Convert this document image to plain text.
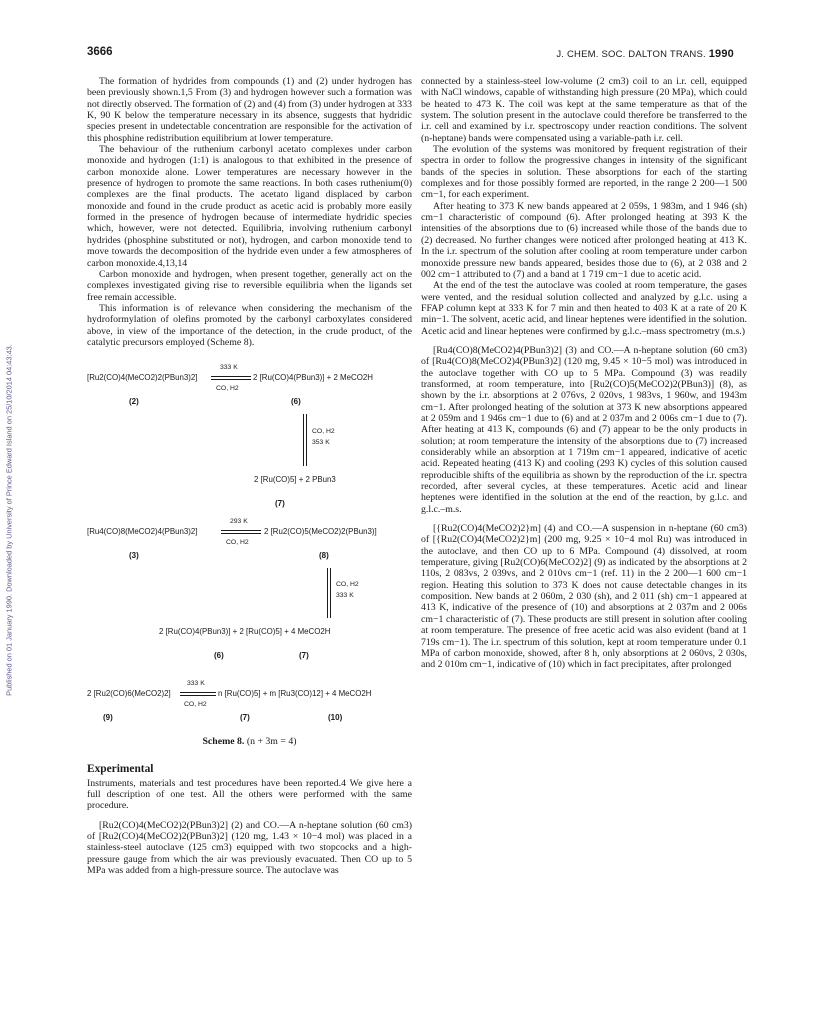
Published on 01 January 1990. Downloaded by University of Prince Edward Island on 25/10/2014 04:43:43.
3666	J. CHEM. SOC. DALTON TRANS. 1990

The formation of hydrides from compounds (1) and (2) under hydrogen has been previously shown.1,5 From (3) and hydrogen however such a formation was not directly observed. The formation of (2) and (4) from (3) under hydrogen at 333 K, 90 K below the temperature necessary in its absence, suggests that hydridic species present in undetectable concentration are responsible for the activation of this phosphine redistribution equilibrium at lower temperature.

The behaviour of the ruthenium carbonyl acetato complexes under carbon monoxide and hydrogen (1:1) is analogous to that exhibited in the presence of carbon monoxide alone. Lower temperatures are necessary however in the presence of hydrogen to promote the same reactions. In both cases ruthenium(0) complexes are the final products. The acetato ligand displaced by carbon monoxide and found in the crude product as acetic acid is probably more easily formed in the presence of hydrogen because of intermediate hydridic species which, however, were not detected. Equilibria, involving ruthenium carbonyl hydrides (phosphine substituted or not), hydrogen, and carbon monoxide tend to move towards the decomposition of the hydride even under a few atmospheres of carbon monoxide.4,13,14

Carbon monoxide and hydrogen, when present together, generally act on the complexes investigated giving rise to reversible equilibria when the ligands set free remain accessible.

This information is of relevance when considering the mechanism of the hydroformylation of olefins promoted by the carbonyl carboxylates considered above, in view of the importance of the detection, in the crude product, of the catalytic precursors employed (Scheme 8).

[Ru2(CO)4(MeCO2)2(PBun3)2]
333 K
CO, H2
2 [Ru(CO)4(PBun3)] + 2 MeCO2H
(2)	(6)
CO, H2
353 K
2 [Ru(CO)5] + 2 PBun3
(7)
[Ru4(CO)8(MeCO2)4(PBun3)2]
293 K
CO, H2
2 [Ru2(CO)5(MeCO2)2(PBun3)]
(3)	(8)
CO, H2
333 K
2 [Ru(CO)4(PBun3)] + 2 [Ru(CO)5] + 4 MeCO2H
(6)	(7)
2 [Ru2(CO)6(MeCO2)2]
333 K
CO, H2
n [Ru(CO)5] + m [Ru3(CO)12] + 4 MeCO2H
(9)	(7)	(10)
Scheme 8. (n + 3m = 4)
Experimental

Instruments, materials and test procedures have been reported.4 We give here a full description of one test. All the others were performed with the same procedure.

[Ru2(CO)4(MeCO2)2(PBun3)2] (2) and CO.—A n-heptane solution (60 cm3) of [Ru2(CO)4(MeCO2)2(PBun3)2] (120 mg, 1.43 × 10−4 mol) was placed in a stainless-steel autoclave (125 cm3) equipped with two stopcocks and a high-pressure gauge from which the air was previously evacuated. Then CO up to 5 MPa was added from a high-pressure source. The autoclave was

connected by a stainless-steel low-volume (2 cm3) coil to an i.r. cell, equipped with NaCl windows, capable of withstanding high pressure (20 MPa), which could be heated to 473 K. The coil was kept at the same temperature as that of the system. The solution present in the autoclave could therefore be transferred to the i.r. cell and examined by i.r. spectroscopy under reaction conditions. The solvent (n-heptane) bands were compensated using a variable-path i.r. cell.

The evolution of the systems was monitored by frequent registration of their spectra in order to follow the progressive changes in intensity of the significant bands of the species in solution. These absorptions for each of the starting complexes and for those possibly formed are reported, in the range 2 200—1 500 cm−1, for each experiment.

After heating to 373 K new bands appeared at 2 059s, 1 983m, and 1 946 (sh) cm−1 characteristic of compound (6). After prolonged heating at 393 K the intensities of the absorptions due to (6) increased while those of the bands due to (2) decreased. No further changes were noticed after prolonged heating at 413 K. In the i.r. spectrum of the solution after cooling at room temperature under carbon monoxide pressure new bands appeared, besides those due to (6), at 2 038 and 2 002 cm−1 attributed to (7) and a band at 1 719 cm−1 due to acetic acid.

At the end of the test the autoclave was cooled at room temperature, the gases were vented, and the residual solution collected and analyzed by g.l.c. using a FFAP column kept at 333 K for 7 min and then heated to 403 K at a rate of 20 K min−1. The solvent, acetic acid, and linear heptenes were identified in the solution. Acetic acid and linear heptenes were confirmed by g.l.c.–mass spectrometry (m.s.)

[Ru4(CO)8(MeCO2)4(PBun3)2] (3) and CO.—A n-heptane solution (60 cm3) of [Ru4(CO)8(MeCO2)4(PBun3)2] (120 mg, 9.45 × 10−5 mol) was introduced in the autoclave together with CO up to 5 MPa. Compound (3) was readily transformed, at room temperature, into [Ru2(CO)5(MeCO2)2(PBun3)] (8), as shown by the i.r. absorptions at 2 076vs, 2 020vs, 1 983vs, 1 960w, and 1943m cm−1. After prolonged heating of the solution at 373 K new absorptions appeared at 2 059m and 1 946s cm−1 due to (6) and at 2 037m and 2 006s cm−1 due to (7). After heating at 413 K, compounds (6) and (7) appear to be the only products in solution; at room temperature the intensity of the absorptions due to (7) increased considerably while an absorption at 1 719m cm−1 appeared, indicative of acetic acid. Repeated heating (413 K) and cooling (293 K) cycles of this solution caused reproducible shifts of the equilibria as shown by the reproduction of the i.r. spectra recorded, after several cycles, at these temperatures. Acetic acid and linear heptenes were identified in the solution at the end of the reaction, by g.l.c. and g.l.c.–m.s.

[{Ru2(CO)4(MeCO2)2}m] (4) and CO.—A suspension in n-heptane (60 cm3) of [{Ru2(CO)4(MeCO2)2}m] (200 mg, 9.25 × 10−4 mol Ru) was introduced in the autoclave, and then CO up to 6 MPa. Compound (4) dissolved, at room temperature, giving [Ru2(CO)6(MeCO2)2] (9) as indicated by the absorptions at 2 110s, 2 083vs, 2 039vs, and 2 010vs cm−1 (ref. 11) in the 2 200—1 600 cm−1 region. Heating this solution to 373 K does not cause detectable changes in its composition. New bands at 2 060m, 2 030 (sh), and 2 011 (sh) cm−1 appeared at 413 K, indicative of the presence of (10) and absorptions at 2 037m and 2 006s cm−1 characteristic of (7). These products are still present in solution after cooling at room temperature. The presence of free acetic acid was also evident (band at 1 719s cm−1). The i.r. spectrum of this solution, kept at room temperature under 0.1 MPa of carbon monoxide, showed, after 8 h, only absorptions at 2 060vs, 2 030s, and 2 010m cm−1, indicative of (10) which in fact precipitates, after prolonged
